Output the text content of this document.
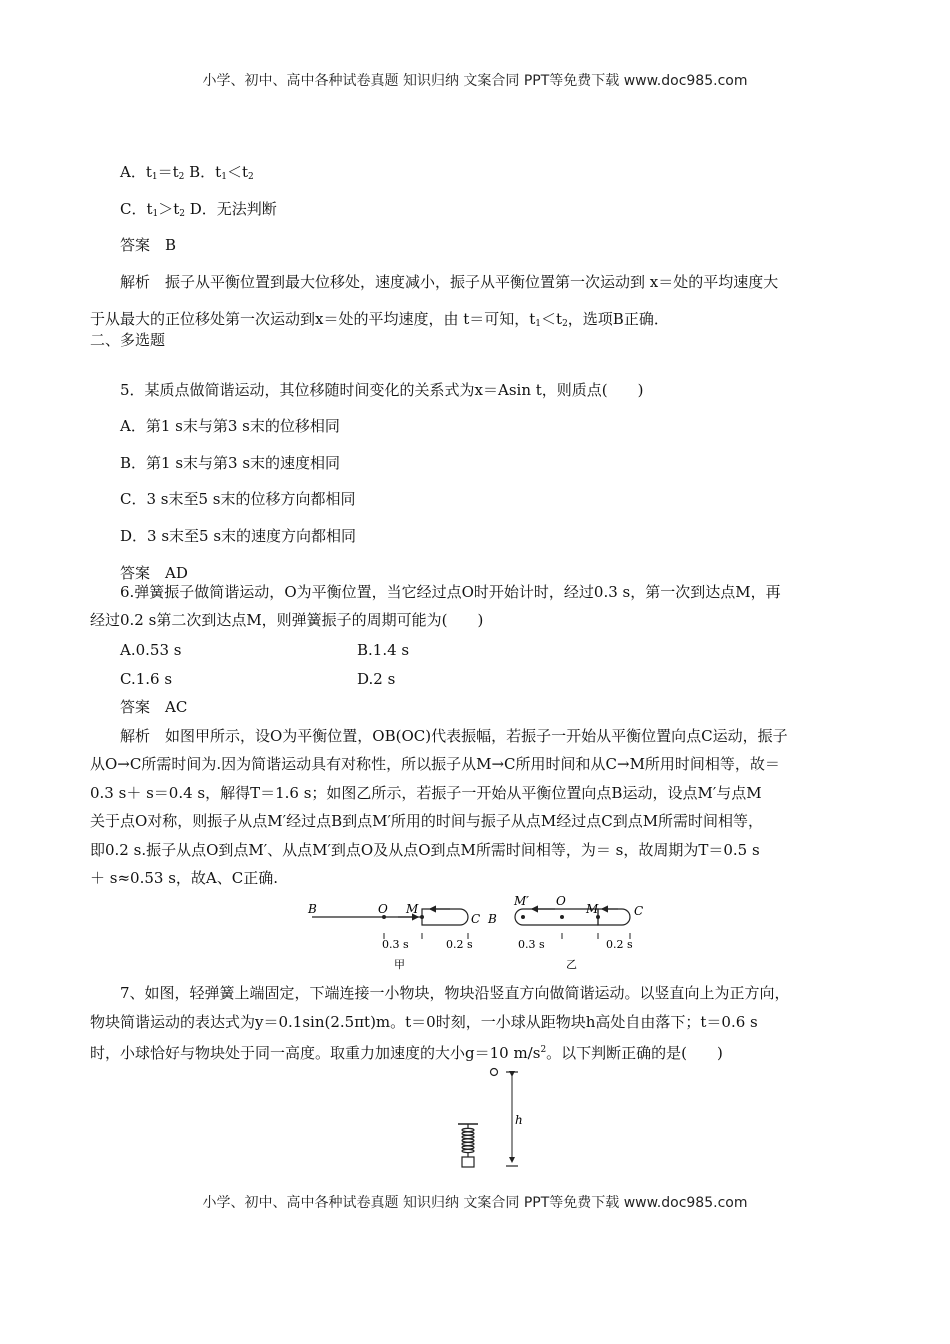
小学、初中、高中各种试卷真题 知识归纳 文案合同 PPT等免费下载 www.doc985.com
A．$t_1=t_2$ B．$t_1<t_2$
C．$t_1>t_2$ D．无法判断
答案　B
解析　振子从平衡位置到最大位移处，速度减小，振子从平衡位置第一次运动到 x＝处的平均速度大
于从最大的正位移处第一次运动到x＝处的平均速度，由 t＝可知，$t_1<t_2$，选项B正确．
二、多选题
5．某质点做简谐运动，其位移随时间变化的关系式为x＝Asin t，则质点(　　)
A．第1 s末与第3 s末的位移相同
B．第1 s末与第3 s末的速度相同
C．3 s末至5 s末的位移方向都相同
D．3 s末至5 s末的速度方向都相同
答案　AD
6.弹簧振子做简谐运动，O为平衡位置，当它经过点O时开始计时，经过0.3 s，第一次到达点M，再
经过0.2 s第二次到达点M，则弹簧振子的周期可能为(　　)
A.0.53 s	B.1.4 s
C.1.6 s	D.2 s
答案　AC
解析　如图甲所示，设O为平衡位置，OB(OC)代表振幅，若振子一开始从平衡位置向点C运动，振子
从O→C所需时间为.因为简谐运动具有对称性，所以振子从M→C所用时间和从C→M所用时间相等，故＝
0.3 s＋ s＝0.4 s，解得T＝1.6 s；如图乙所示，若振子一开始从平衡位置向点B运动，设点M′与点M
关于点O对称，则振子从点M′经过点B到点M′所用的时间与振子从点M经过点C到点M所需时间相等，
即0.2 s.振子从点O到点M′、从点M′到点O及从点O到点M所需时间相等，为＝ s，故周期为T＝0.5 s
＋ s≈0.53 s，故A、C正确.
B	O M
C
0.3 s	0.2 s
甲
B
M′ O
M	C
0.3 s	0.2 s
乙
7、如图，轻弹簧上端固定，下端连接一小物块，物块沿竖直方向做简谐运动。以竖直向上为正方向，
物块简谐运动的表达式为y＝0.1sin(2.5πt)m。t＝0时刻，一小球从距物块h高处自由落下；t＝0.6 s
时，小球恰好与物块处于同一高度。取重力加速度的大小g＝10 $m/s^2$。以下判断正确的是(　　)
h
小学、初中、高中各种试卷真题 知识归纳 文案合同 PPT等免费下载 www.doc985.com
